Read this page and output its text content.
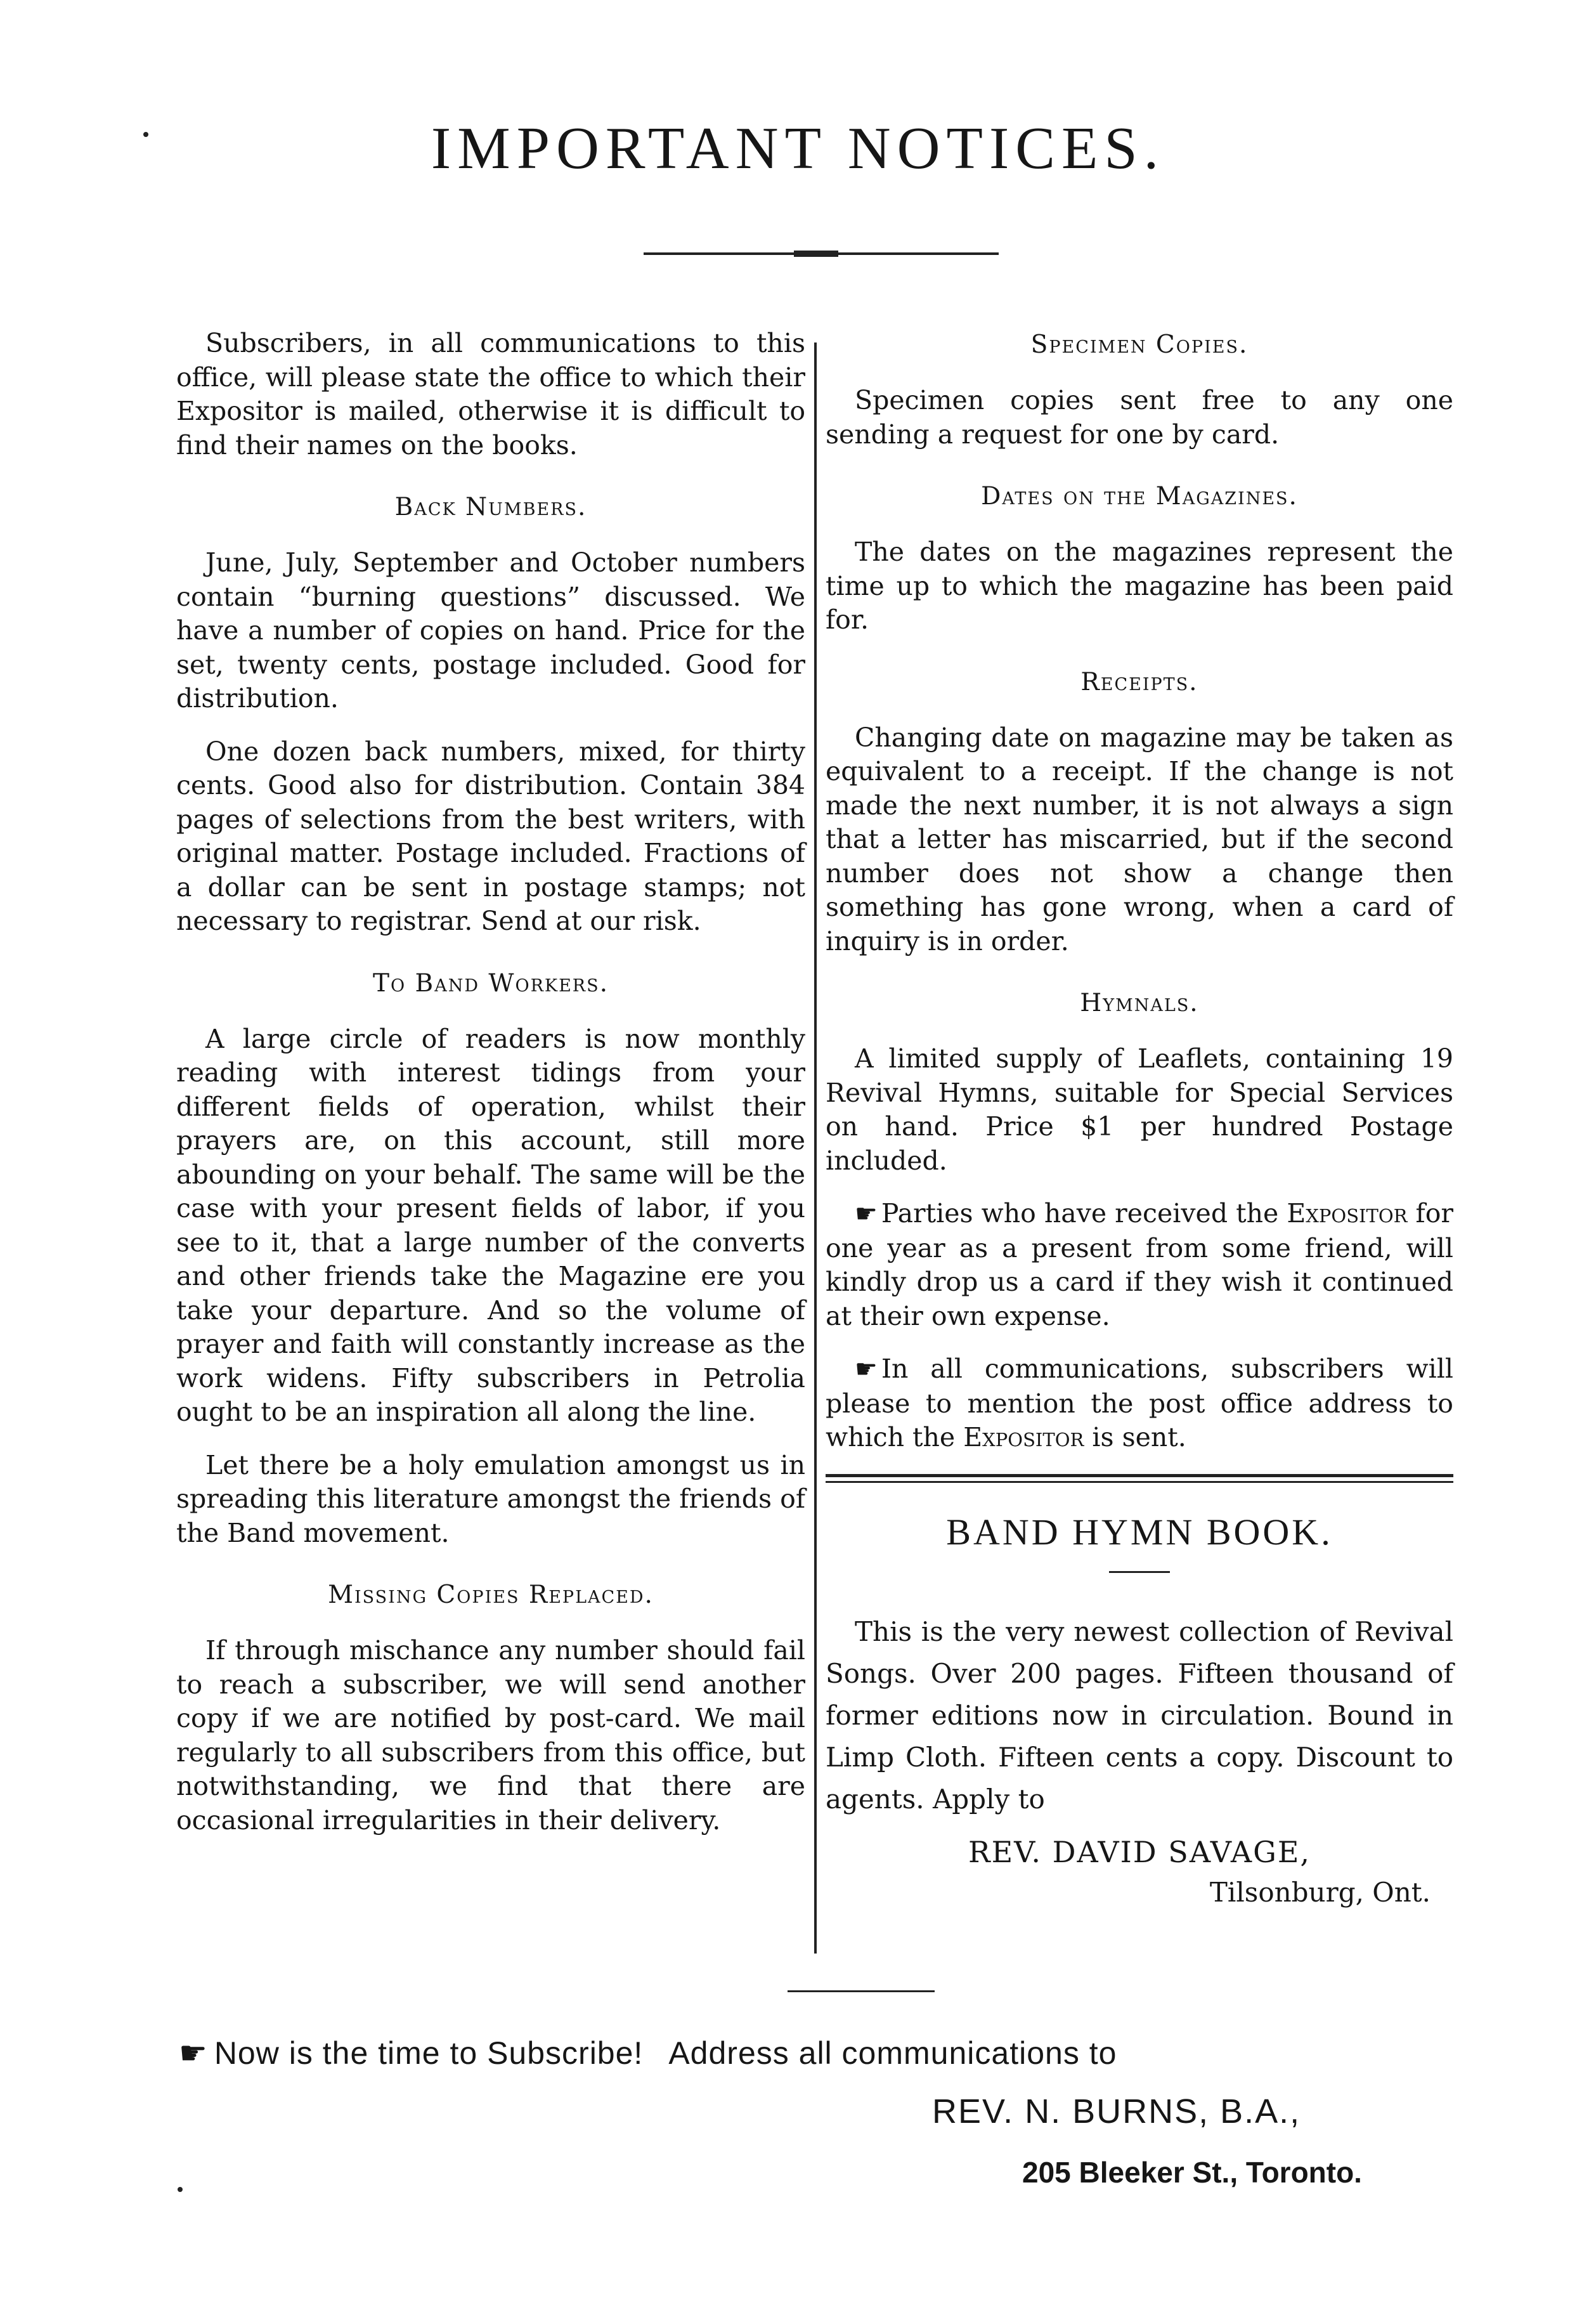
IMPORTANT NOTICES.

Subscribers, in all communications to this office, will please state the office to which their Expositor is mailed, otherwise it is difficult to find their names on the books.

Back Numbers.

June, July, September and October numbers contain “burning questions” discussed. We have a number of copies on hand. Price for the set, twenty cents, postage included. Good for distribution.

One dozen back numbers, mixed, for thirty cents. Good also for distribution. Contain 384 pages of selections from the best writers, with original matter. Postage included. Fractions of a dollar can be sent in postage stamps; not necessary to registrar. Send at our risk.

To Band Workers.

A large circle of readers is now monthly reading with interest tidings from your different fields of operation, whilst their prayers are, on this account, still more abounding on your behalf. The same will be the case with your present fields of labor, if you see to it, that a large number of the converts and other friends take the Magazine ere you take your departure. And so the volume of prayer and faith will constantly increase as the work widens. Fifty subscribers in Petrolia ought to be an inspiration all along the line.

Let there be a holy emulation amongst us in spreading this literature amongst the friends of the Band movement.

Missing Copies Replaced.

If through mischance any number should fail to reach a subscriber, we will send another copy if we are notified by post-card. We mail regularly to all subscribers from this office, but notwithstanding, we find that there are occasional irregularities in their delivery.

Specimen Copies.

Specimen copies sent free to any one sending a request for one by card.

Dates on the Magazines.

The dates on the magazines represent the time up to which the magazine has been paid for.

Receipts.

Changing date on magazine may be taken as equivalent to a receipt. If the change is not made the next number, it is not always a sign that a letter has miscarried, but if the second number does not show a change then something has gone wrong, when a card of inquiry is in order.

Hymnals.

A limited supply of Leaflets, containing 19 Revival Hymns, suitable for Special Services on hand. Price $1 per hundred Postage included.

☛ Parties who have received the Expositor for one year as a present from some friend, will kindly drop us a card if they wish it continued at their own expense.

☛ In all communications, subscribers will please to mention the post office address to which the Expositor is sent.

BAND HYMN BOOK.

This is the very newest collection of Revival Songs. Over 200 pages. Fifteen thousand of former editions now in circulation. Bound in Limp Cloth. Fifteen cents a copy. Discount to agents. Apply to

REV. DAVID SAVAGE,
Tilsonburg, Ont.
☛ Now is the time to Subscribe! Address all communications to
REV. N. BURNS, B.A.,
205 Bleeker St., Toronto.
